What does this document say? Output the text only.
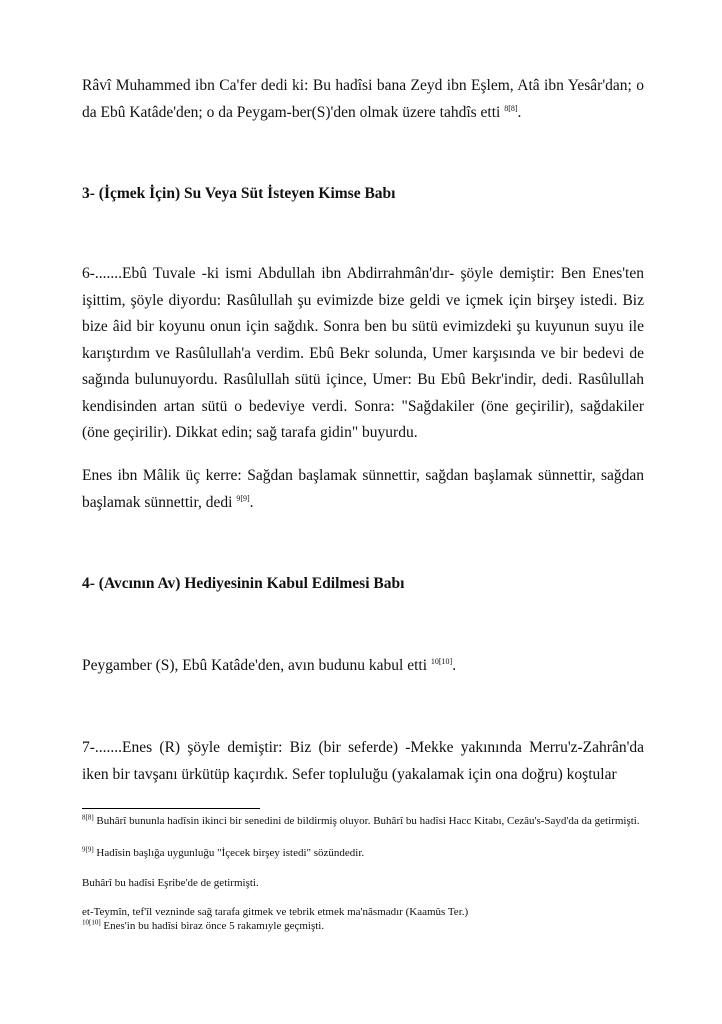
Râvî Muhammed ibn Ca'fer dedi ki: Bu hadîsi bana Zeyd ibn Eşlem, Atâ ibn Yesâr'dan; o da Ebû Katâde'den; o da Peygam-ber(S)'den olmak üzere tahdîs etti $^{8[8]}$.

3- (İçmek İçin) Su Veya Süt İsteyen Kimse Babı

6-.......Ebû Tuvale -ki ismi Abdullah ibn Abdirrahmân'dır- şöyle demiştir: Ben Enes'ten işittim, şöyle diyordu: Rasûlullah şu evimizde bize geldi ve içmek için birşey istedi. Biz bize âid bir koyunu onun için sağdık. Sonra ben bu sütü evimizdeki şu kuyunun suyu ile karıştırdım ve Rasûlullah'a verdim. Ebû Bekr solunda, Umer karşısında ve bir bedevi de sağında bulunuyordu. Rasûlullah sütü içince, Umer: Bu Ebû Bekr'indir, dedi. Rasûlullah kendisinden artan sütü o bedeviye verdi. Sonra: "Sağdakiler (öne geçirilir), sağdakiler (öne geçirilir). Dikkat edin; sağ tarafa gidin" buyurdu.

Enes ibn Mâlik üç kerre: Sağdan başlamak sünnettir, sağdan başlamak sünnettir, sağdan başlamak sünnettir, dedi $^{9[9]}$.

4- (Avcının Av) Hediyesinin Kabul Edilmesi Babı

Peygamber (S), Ebû Katâde'den, avın budunu kabul etti $^{10[10]}$.

7-.......Enes (R) şöyle demiştir: Biz (bir seferde) -Mekke yakınında Merru'z-Zahrân'da iken bir tavşanı ürkütüp kaçırdık. Sefer topluluğu (yakalamak için ona doğru) koştular

$^{8[8]}$ Buhârî bununla hadîsin ikinci bir senedini de bildirmiş oluyor. Buhârî bu hadîsi Hacc Kitabı, Cezâu's-Sayd'da da getirmişti.

$^{9[9]}$ Hadîsin başlığa uygunluğu "İçecek birşey istedi" sözündedir.

Buhârî bu hadîsi Eşribe'de de getirmişti.

et-Teymîn, tef'îl vezninde sağ tarafa gitmek ve tebrik etmek ma'nâsmadır (Kaamûs Ter.)

$^{10[10]}$ Enes'in bu hadîsi biraz önce 5 rakamıyle geçmişti.
